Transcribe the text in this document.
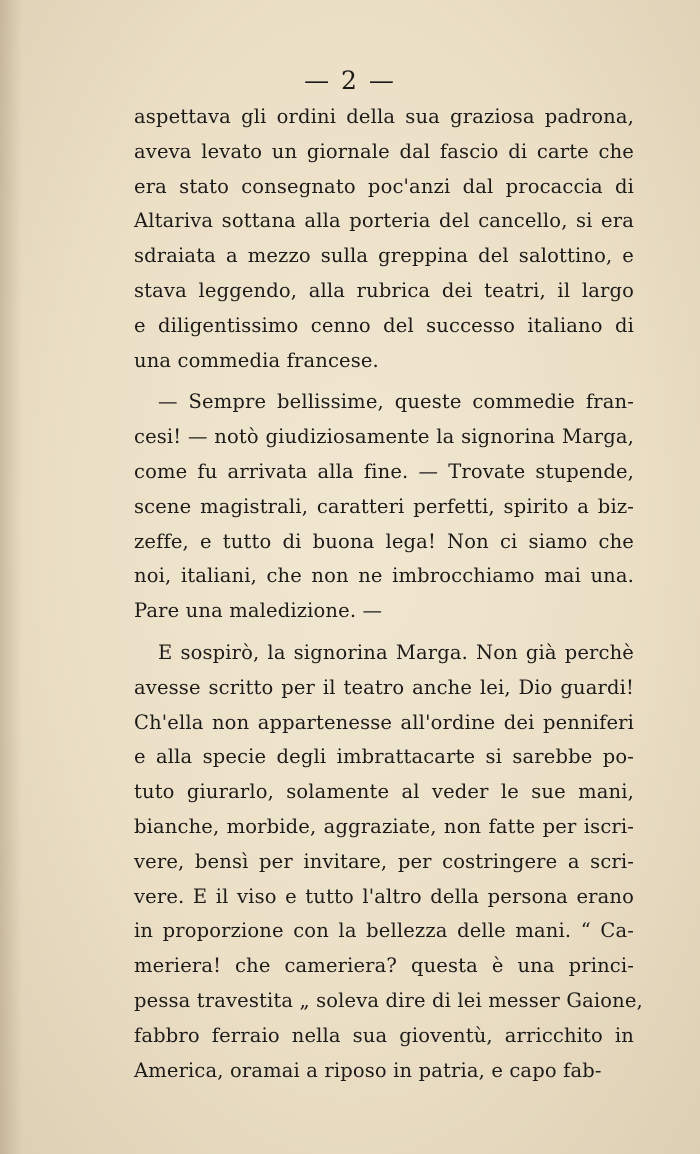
— 2 —
aspettava gli ordini della sua graziosa padrona,
aveva levato un giornale dal fascio di carte che
era stato consegnato poc'anzi dal procaccia di
Altariva sottana alla porteria del cancello, si era
sdraiata a mezzo sulla greppina del salottino, e
stava leggendo, alla rubrica dei teatri, il largo
e diligentissimo cenno del successo italiano di
una commedia francese.
— Sempre bellissime, queste commedie fran-
cesi! — notò giudiziosamente la signorina Marga,
come fu arrivata alla fine. — Trovate stupende,
scene magistrali, caratteri perfetti, spirito a biz-
zeffe, e tutto di buona lega! Non ci siamo che
noi, italiani, che non ne imbrocchiamo mai una.
Pare una maledizione. —
E sospirò, la signorina Marga. Non già perchè
avesse scritto per il teatro anche lei, Dio guardi!
Ch'ella non appartenesse all'ordine dei penniferi
e alla specie degli imbrattacarte si sarebbe po-
tuto giurarlo, solamente al veder le sue mani,
bianche, morbide, aggraziate, non fatte per iscri-
vere, bensì per invitare, per costringere a scri-
vere. E il viso e tutto l'altro della persona erano
in proporzione con la bellezza delle mani. “ Ca-
meriera! che cameriera? questa è una princi-
pessa travestita „ soleva dire di lei messer Gaione,
fabbro ferraio nella sua gioventù, arricchito in
America, oramai a riposo in patria, e capo fab-
